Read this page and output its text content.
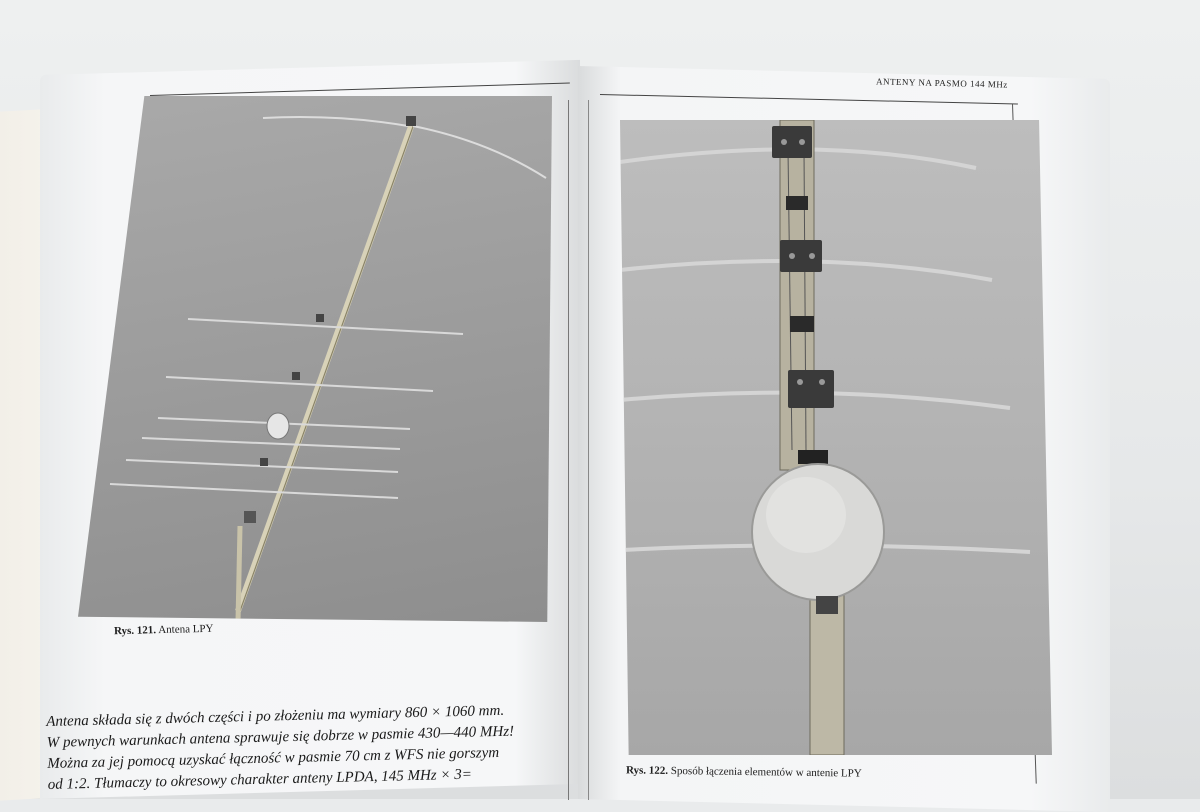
Rys. 121. Antena LPY
Antena składa się z dwóch części i po złożeniu ma wymiary 860 × 1060 mm.
W pewnych warunkach antena sprawuje się dobrze w pasmie 430—440 MHz!
Można za jej pomocą uzyskać łączność w pasmie 70 cm z WFS nie gorszym
od 1:2. Tłumaczy to okresowy charakter anteny LPDA, 145 MHz × 3=
ANTENY NA PASMO 144 MHz
Rys. 122. Sposób łączenia elementów w antenie LPY
